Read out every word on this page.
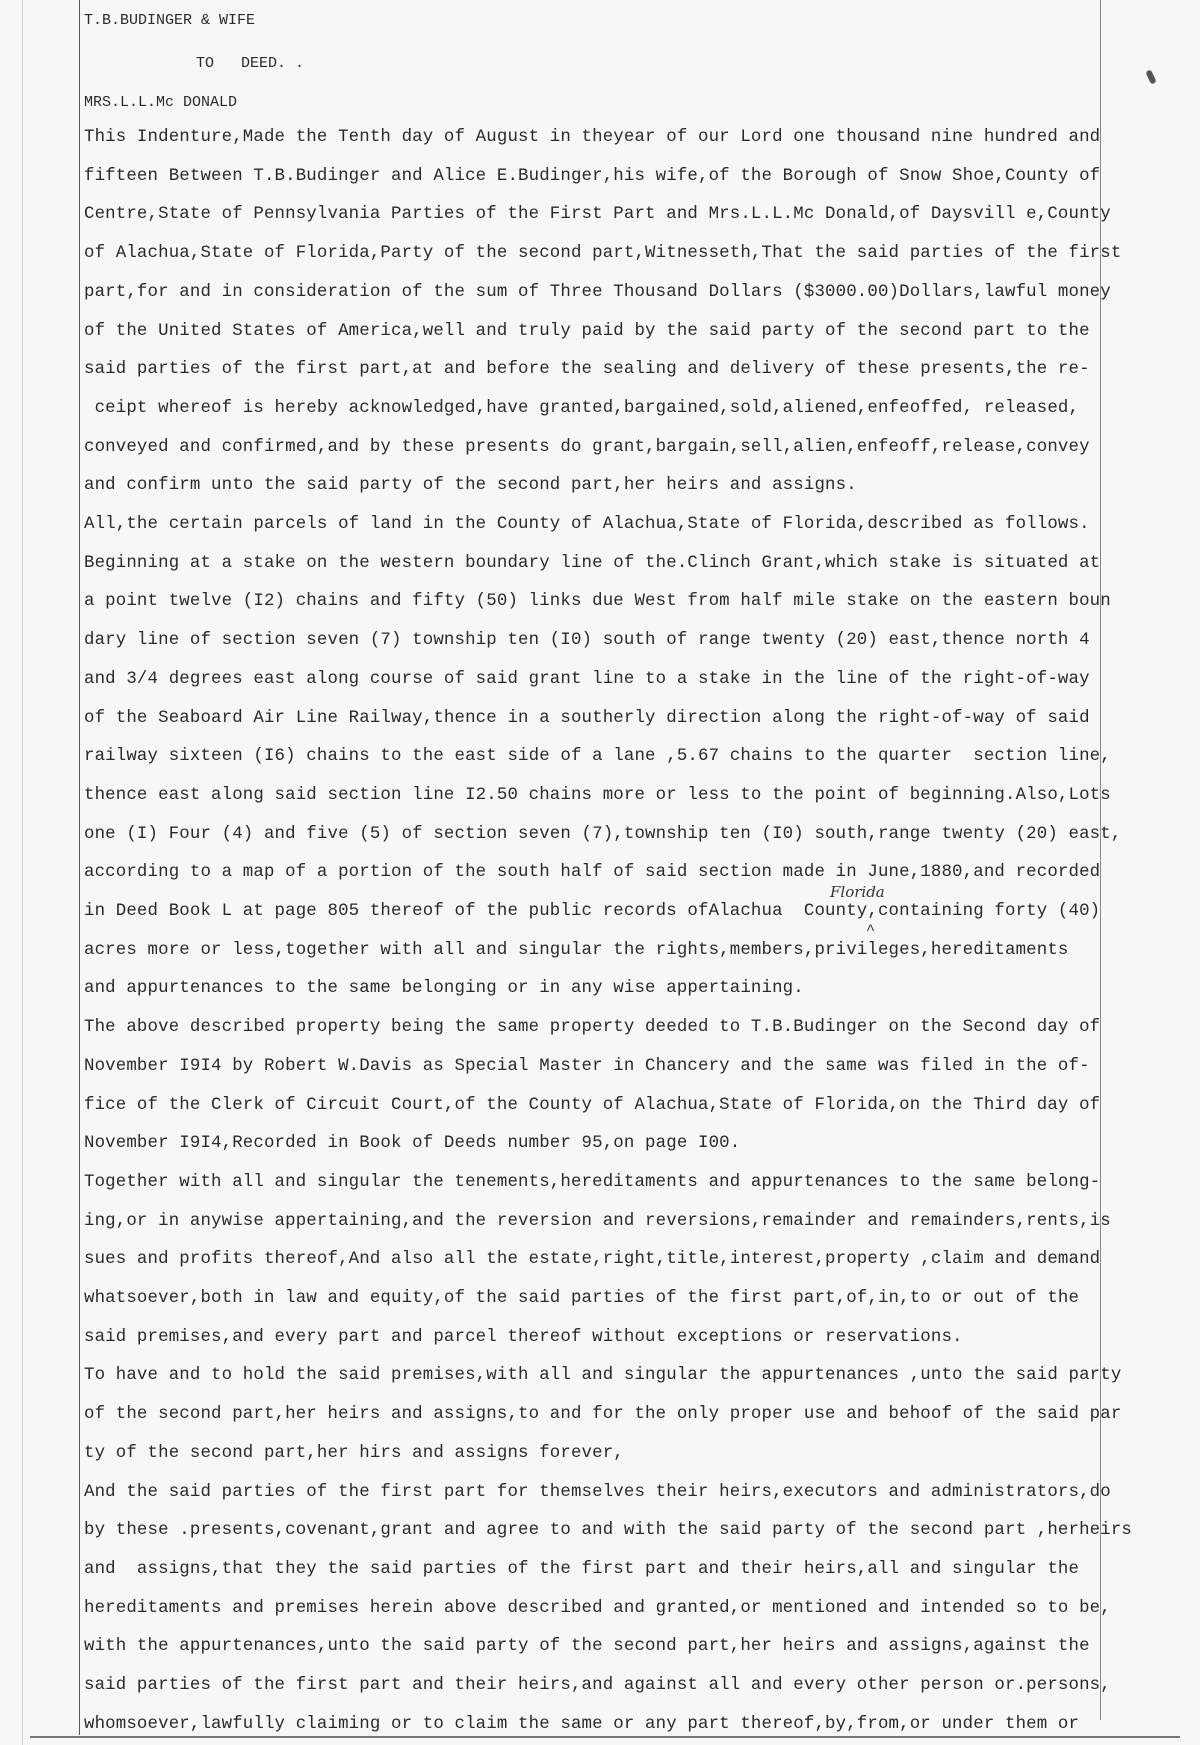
T.B.BUDINGER & WIFE
TO   DEED. .
MRS.L.L.Mc DONALD
This Indenture,Made the Tenth day of August in theyear of our Lord one thousand nine hundred and
fifteen Between T.B.Budinger and Alice E.Budinger,his wife,of the Borough of Snow Shoe,County of
Centre,State of Pennsylvania Parties of the First Part and Mrs.L.L.Mc Donald,of Daysvill e,County
of Alachua,State of Florida,Party of the second part,Witnesseth,That the said parties of the first
part,for and in consideration of the sum of Three Thousand Dollars ($3000.00)Dollars,lawful money
of the United States of America,well and truly paid by the said party of the second part to the
said parties of the first part,at and before the sealing and delivery of these presents,the re-
ceipt whereof is hereby acknowledged,have granted,bargained,sold,aliened,enfeoffed, released,
conveyed and confirmed,and by these presents do grant,bargain,sell,alien,enfeoff,release,convey
and confirm unto the said party of the second part,her heirs and assigns.
All,the certain parcels of land in the County of Alachua,State of Florida,described as follows.
Beginning at a stake on the western boundary line of the.Clinch Grant,which stake is situated at
a point twelve (I2) chains and fifty (50) links due West from half mile stake on the eastern boun
dary line of section seven (7) township ten (I0) south of range twenty (20) east,thence north 4
and 3/4 degrees east along course of said grant line to a stake in the line of the right-of-way
of the Seaboard Air Line Railway,thence in a southerly direction along the right-of-way of said
railway sixteen (I6) chains to the east side of a lane ,5.67 chains to the quarter  section line,
thence east along said section line I2.50 chains more or less to the point of beginning.Also,Lots
one (I) Four (4) and five (5) of section seven (7),township ten (I0) south,range twenty (20) east,
according to a map of a portion of the south half of said section made in June,1880,and recorded
in Deed Book L at page 805 thereof of the public records ofAlachua  County,containing forty (40)
acres more or less,together with all and singular the rights,members,privileges,hereditaments
and appurtenances to the same belonging or in any wise appertaining.
The above described property being the same property deeded to T.B.Budinger on the Second day of
November I9I4 by Robert W.Davis as Special Master in Chancery and the same was filed in the of-
fice of the Clerk of Circuit Court,of the County of Alachua,State of Florida,on the Third day of
November I9I4,Recorded in Book of Deeds number 95,on page I00.
Together with all and singular the tenements,hereditaments and appurtenances to the same belong-
ing,or in anywise appertaining,and the reversion and reversions,remainder and remainders,rents,is
sues and profits thereof,And also all the estate,right,title,interest,property ,claim and demand
whatsoever,both in law and equity,of the said parties of the first part,of,in,to or out of the
said premises,and every part and parcel thereof without exceptions or reservations.
To have and to hold the said premises,with all and singular the appurtenances ,unto the said party
of the second part,her heirs and assigns,to and for the only proper use and behoof of the said par
ty of the second part,her hirs and assigns forever,
And the said parties of the first part for themselves their heirs,executors and administrators,do
by these .presents,covenant,grant and agree to and with the said party of the second part ,herheirs
and  assigns,that they the said parties of the first part and their heirs,all and singular the
hereditaments and premises herein above described and granted,or mentioned and intended so to be,
with the appurtenances,unto the said party of the second part,her heirs and assigns,against the
said parties of the first part and their heirs,and against all and every other person or.persons,
whomsoever,lawfully claiming or to claim the same or any part thereof,by,from,or under them or
Florida
^
